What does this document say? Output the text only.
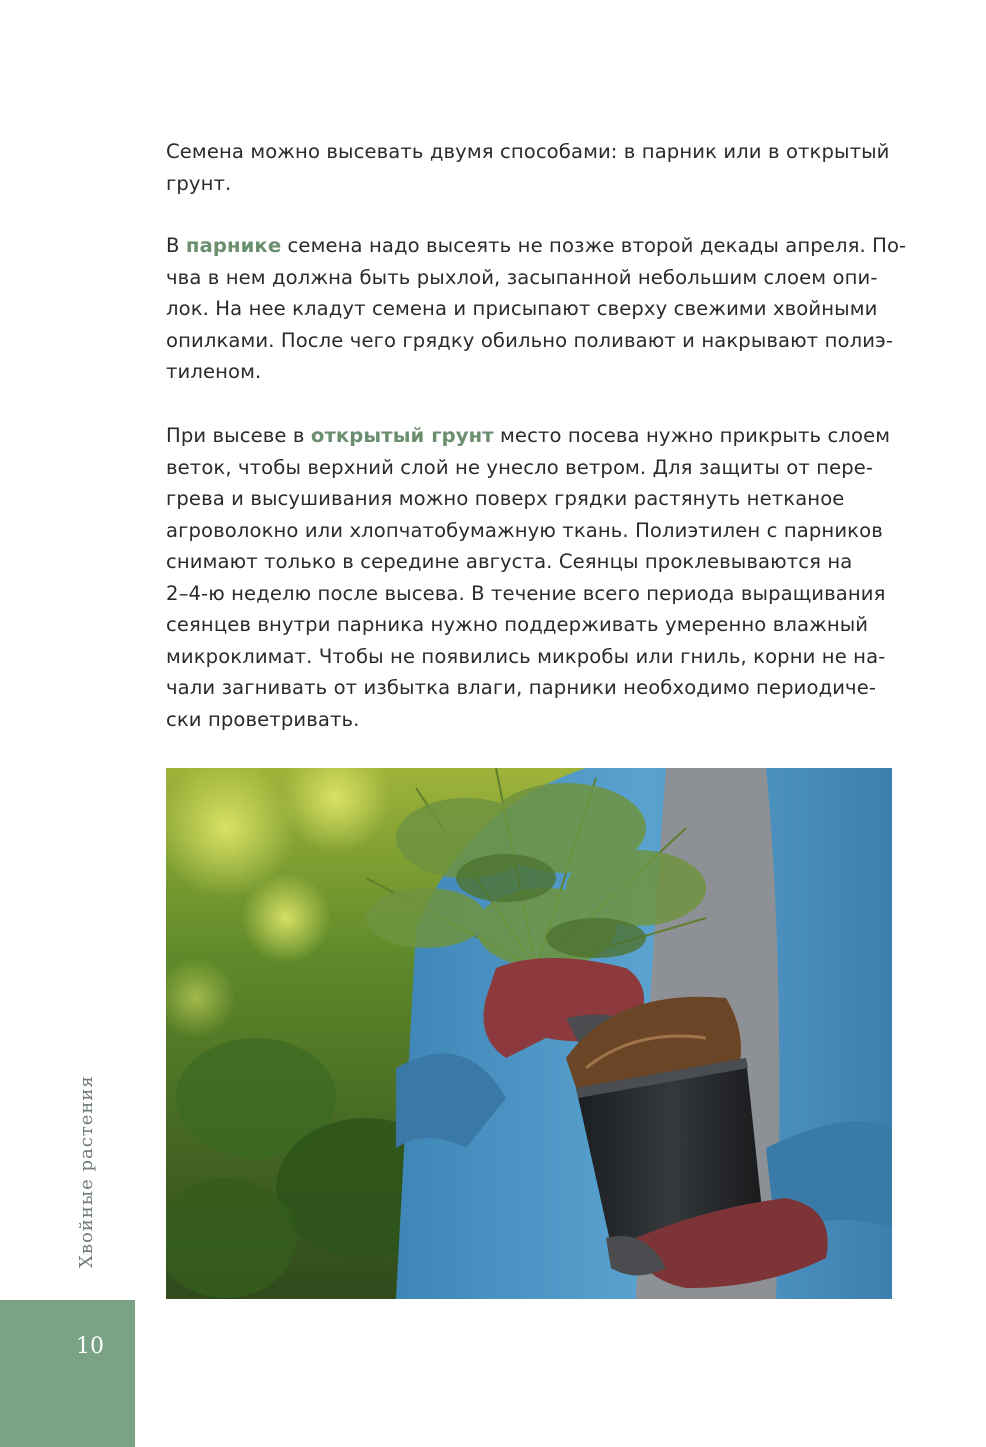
Семена можно высевать двумя способами: в парник или в открытый
грунт.

В парнике семена надо высеять не позже второй декады апреля. По-
чва в нем должна быть рыхлой, засыпанной небольшим слоем опи-
лок. На нее кладут семена и присыпают сверху свежими хвойными
опилками. После чего грядку обильно поливают и накрывают полиэ-
тиленом.

При высеве в открытый грунт место посева нужно прикрыть слоем
веток, чтобы верхний слой не унесло ветром. Для защиты от пере-
грева и высушивания можно поверх грядки растянуть нетканое
агроволокно или хлопчатобумажную ткань. Полиэтилен с парников
снимают только в середине августа. Сеянцы проклевываются на
2–4-ю неделю после высева. В течение всего периода выращивания
сеянцев внутри парника нужно поддерживать умеренно влажный
микроклимат. Чтобы не появились микробы или гниль, корни не на-
чали загнивать от избытка влаги, парники необходимо периодиче-
ски проветривать.

Хвойные растения
10
